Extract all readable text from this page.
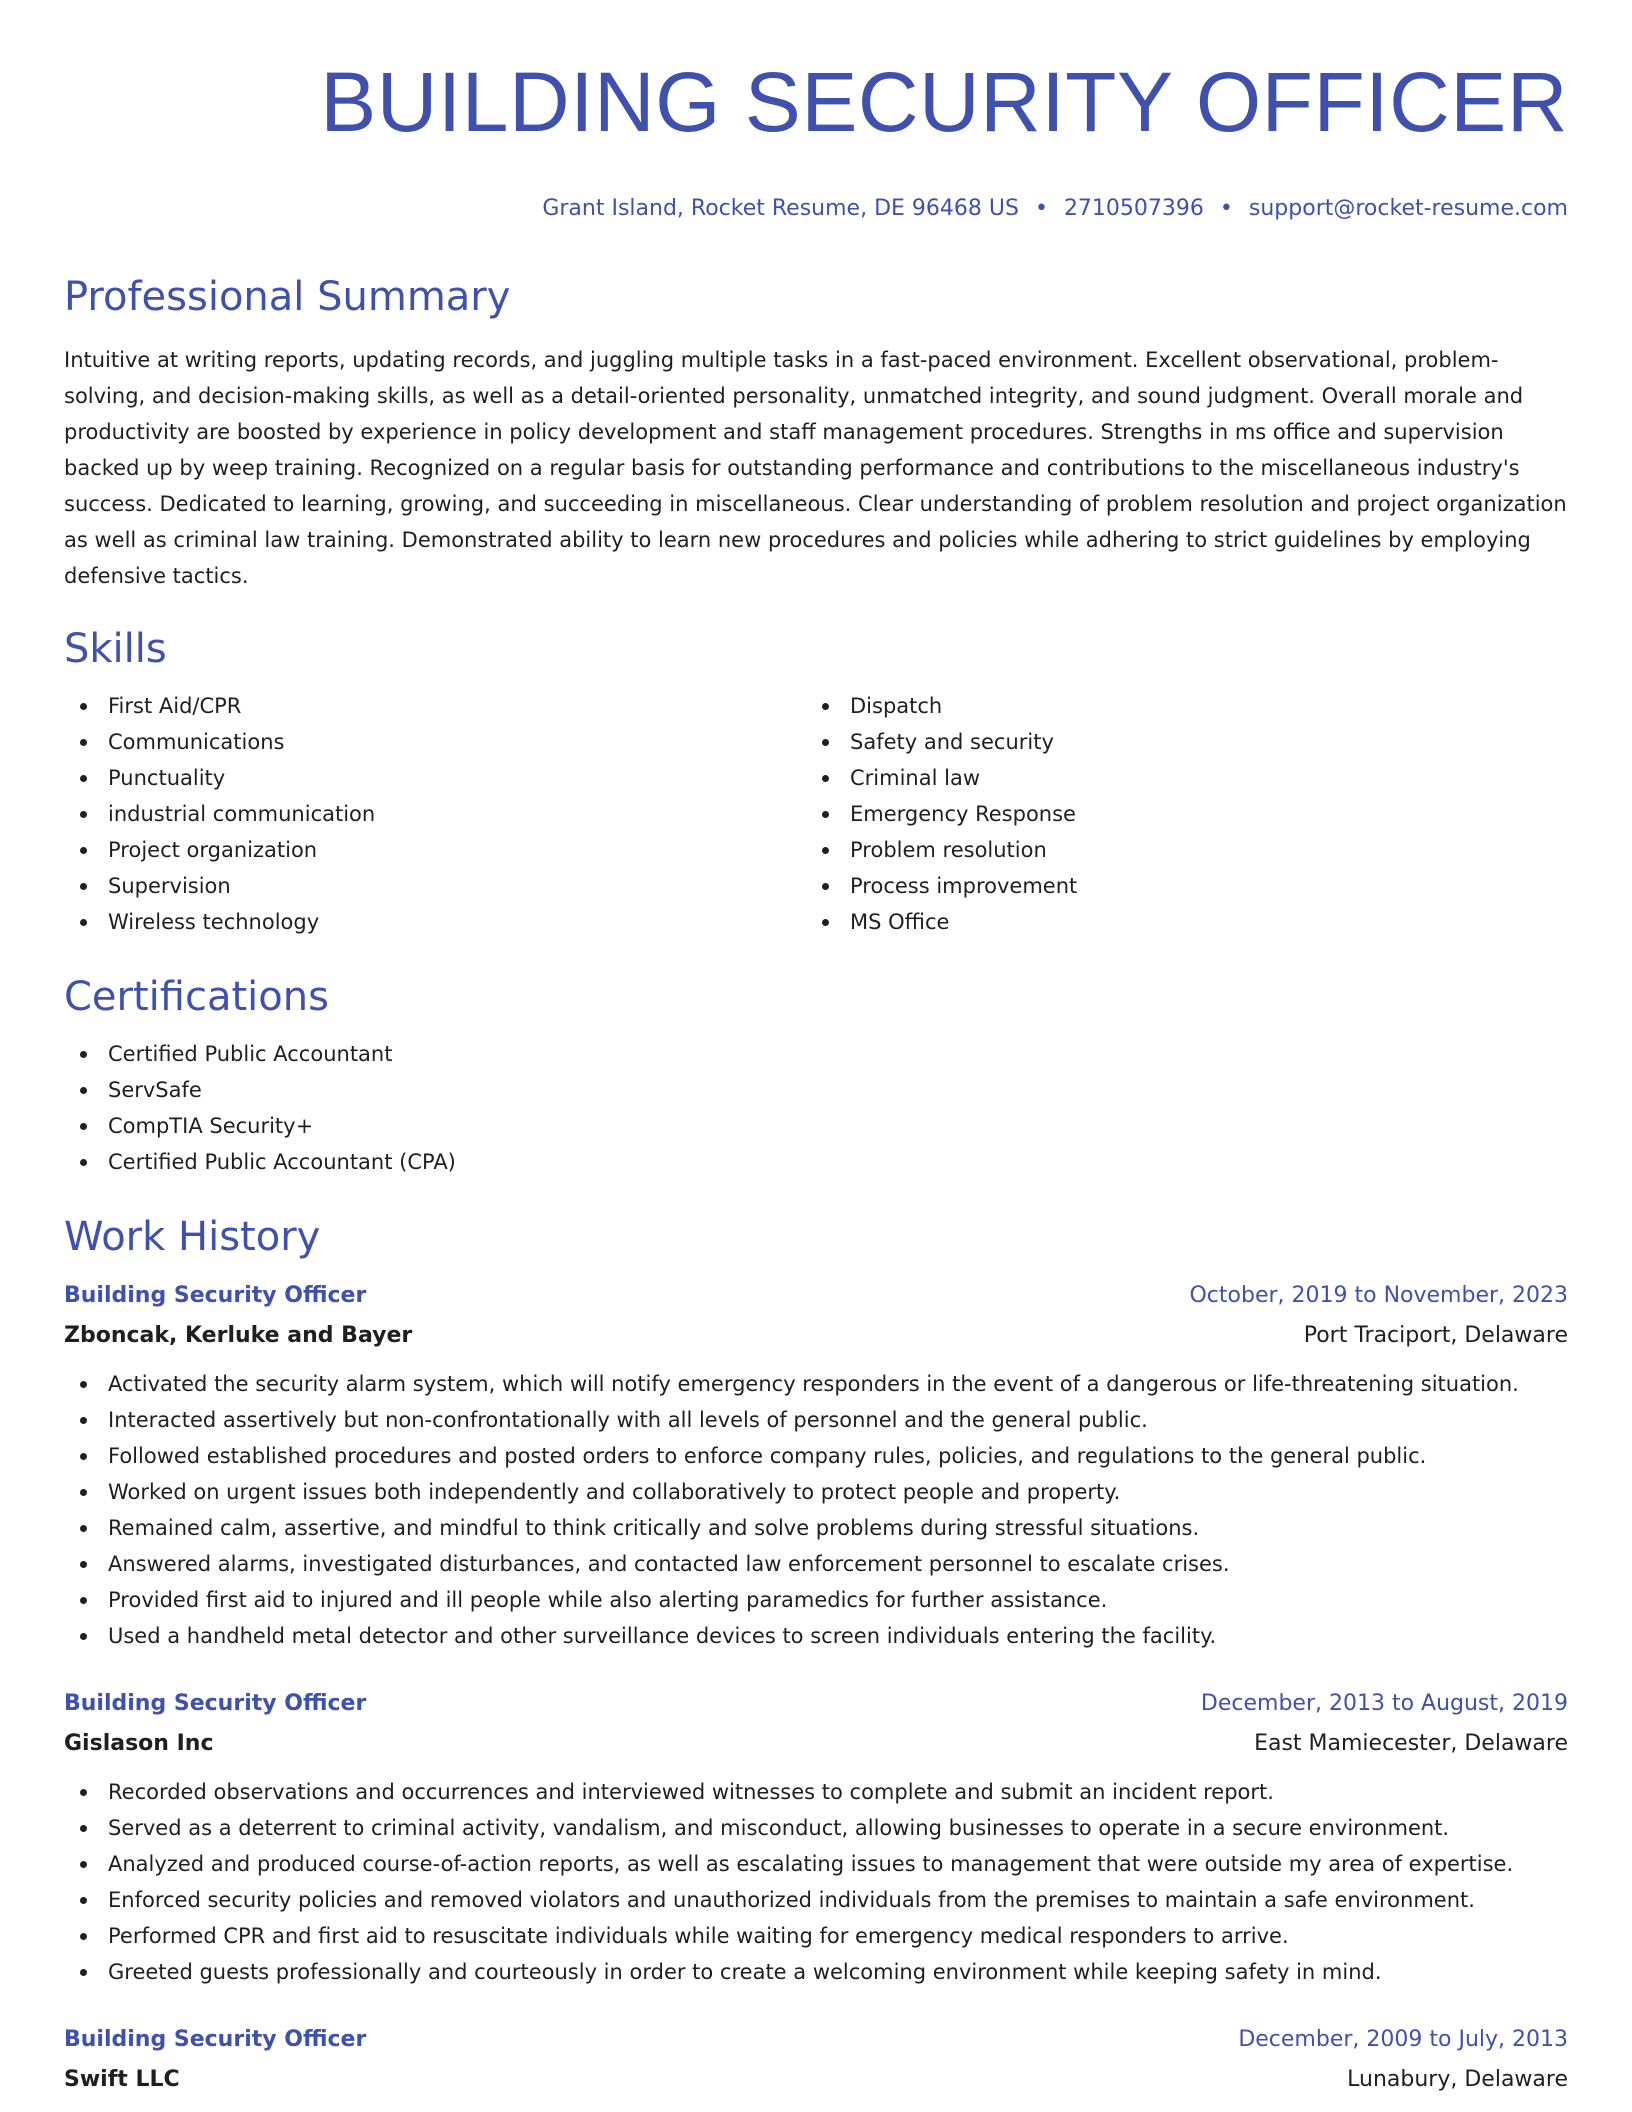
BUILDING SECURITY OFFICER
Grant Island, Rocket Resume, DE 96468 US • 2710507396 • support@rocket-resume.com
Professional Summary

Intuitive at writing reports, updating records, and juggling multiple tasks in a fast-paced environment. Excellent observational, problem-solving, and decision-making skills, as well as a detail-oriented personality, unmatched integrity, and sound judgment. Overall morale and productivity are boosted by experience in policy development and staff management procedures. Strengths in ms office and supervision backed up by weep training. Recognized on a regular basis for outstanding performance and contributions to the miscellaneous industry's success. Dedicated to learning, growing, and succeeding in miscellaneous. Clear understanding of problem resolution and project organization as well as criminal law training. Demonstrated ability to learn new procedures and policies while adhering to strict guidelines by employing defensive tactics.

Skills
First Aid/CPR
Communications
Punctuality
industrial communication
Project organization
Supervision
Wireless technology
Dispatch
Safety and security
Criminal law
Emergency Response
Problem resolution
Process improvement
MS Office
Certifications
Certified Public Accountant
ServSafe
CompTIA Security+
Certified Public Accountant (CPA)
Work History
Building Security Officer	October, 2019 to November, 2023
Zboncak, Kerluke and Bayer	Port Traciport, Delaware
Activated the security alarm system, which will notify emergency responders in the event of a dangerous or life-threatening situation.
Interacted assertively but non-confrontationally with all levels of personnel and the general public.
Followed established procedures and posted orders to enforce company rules, policies, and regulations to the general public.
Worked on urgent issues both independently and collaboratively to protect people and property.
Remained calm, assertive, and mindful to think critically and solve problems during stressful situations.
Answered alarms, investigated disturbances, and contacted law enforcement personnel to escalate crises.
Provided first aid to injured and ill people while also alerting paramedics for further assistance.
Used a handheld metal detector and other surveillance devices to screen individuals entering the facility.
Building Security Officer	December, 2013 to August, 2019
Gislason Inc	East Mamiecester, Delaware
Recorded observations and occurrences and interviewed witnesses to complete and submit an incident report.
Served as a deterrent to criminal activity, vandalism, and misconduct, allowing businesses to operate in a secure environment.
Analyzed and produced course-of-action reports, as well as escalating issues to management that were outside my area of expertise.
Enforced security policies and removed violators and unauthorized individuals from the premises to maintain a safe environment.
Performed CPR and first aid to resuscitate individuals while waiting for emergency medical responders to arrive.
Greeted guests professionally and courteously in order to create a welcoming environment while keeping safety in mind.
Building Security Officer	December, 2009 to July, 2013
Swift LLC	Lunabury, Delaware
